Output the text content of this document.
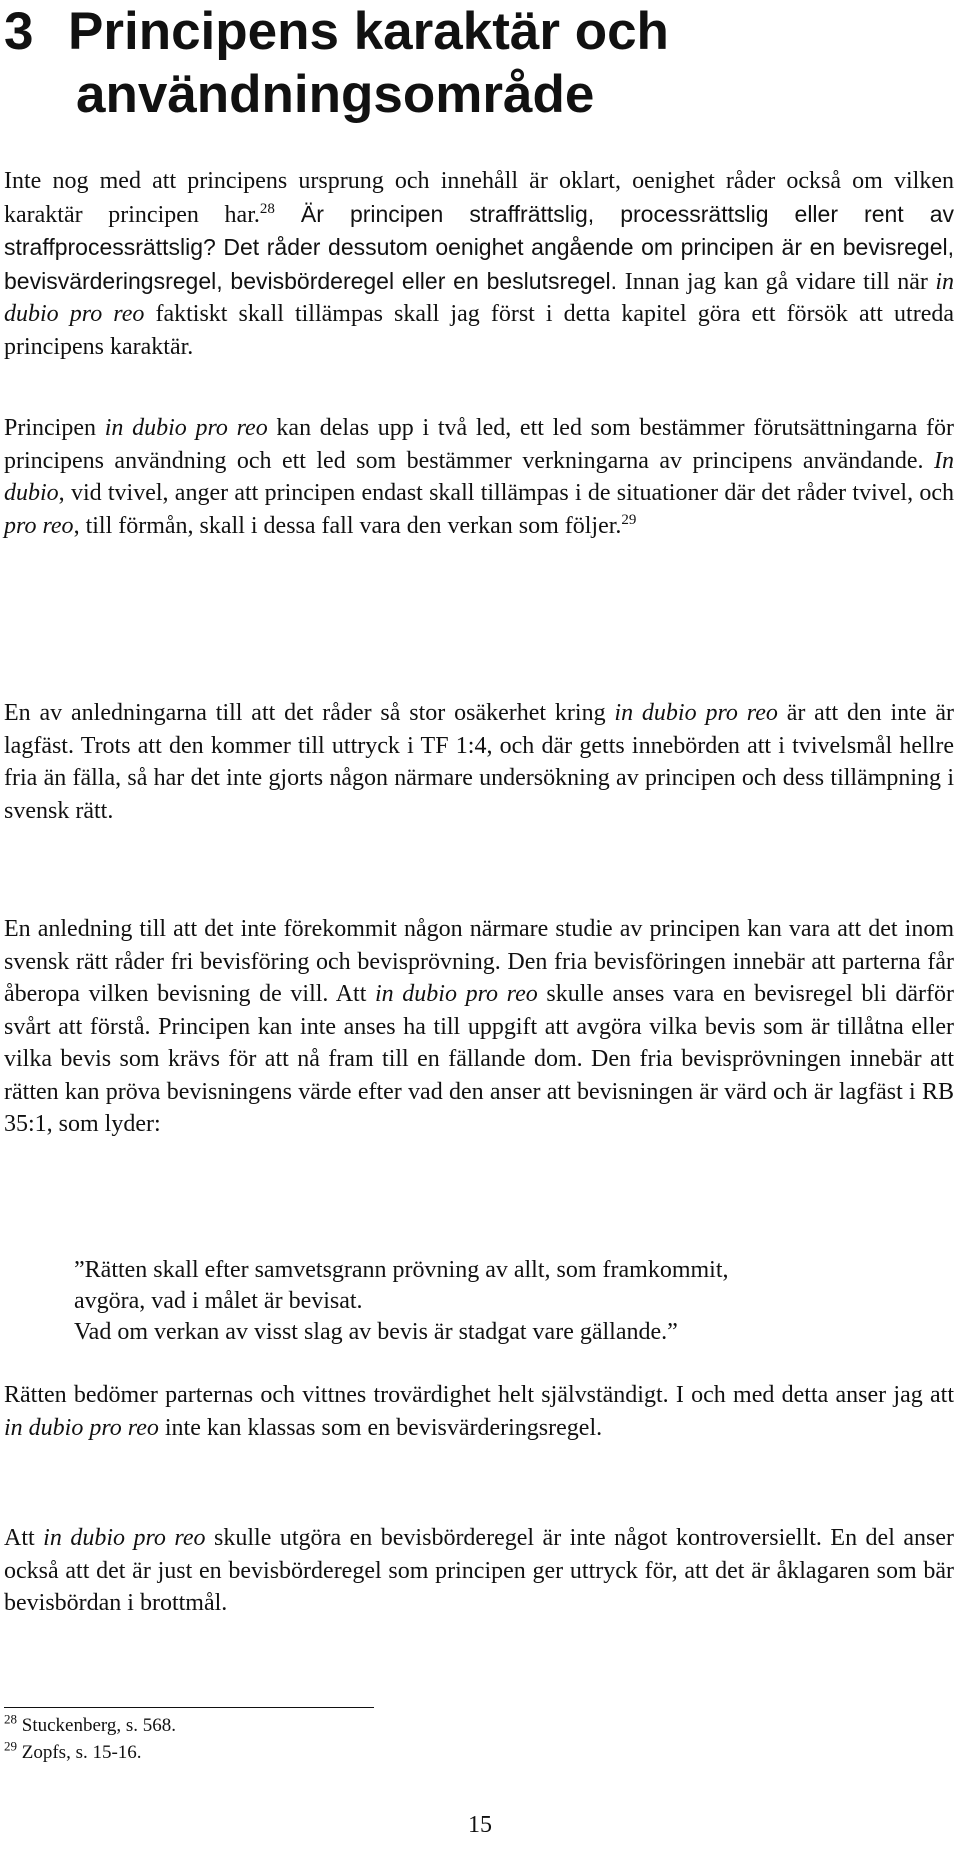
3 Principens karaktär och
användningsområde

Inte nog med att principens ursprung och innehåll är oklart, oenighet råder också om vilken karaktär principen har.$^{28}$ Är principen straffrättslig, processrättslig eller rent av straffprocessrättslig? Det råder dessutom oenighet angående om principen är en bevisregel, bevisvärderingsregel, bevisbörderegel eller en beslutsregel. Innan jag kan gå vidare till när in dubio pro reo faktiskt skall tillämpas skall jag först i detta kapitel göra ett försök att utreda principens karaktär.

Principen in dubio pro reo kan delas upp i två led, ett led som bestämmer förutsättningarna för principens användning och ett led som bestämmer verkningarna av principens användande. In dubio, vid tvivel, anger att principen endast skall tillämpas i de situationer där det råder tvivel, och pro reo, till förmån, skall i dessa fall vara den verkan som följer.$^{29}$

En av anledningarna till att det råder så stor osäkerhet kring in dubio pro reo är att den inte är lagfäst. Trots att den kommer till uttryck i TF 1:4, och där getts innebörden att i tvivelsmål hellre fria än fälla, så har det inte gjorts någon närmare undersökning av principen och dess tillämpning i svensk rätt.

En anledning till att det inte förekommit någon närmare studie av principen kan vara att det inom svensk rätt råder fri bevisföring och bevisprövning. Den fria bevisföringen innebär att parterna får åberopa vilken bevisning de vill. Att in dubio pro reo skulle anses vara en bevisregel bli därför svårt att förstå. Principen kan inte anses ha till uppgift att avgöra vilka bevis som är tillåtna eller vilka bevis som krävs för att nå fram till en fällande dom. Den fria bevisprövningen innebär att rätten kan pröva bevisningens värde efter vad den anser att bevisningen är värd och är lagfäst i RB 35:1, som lyder:

”Rätten skall efter samvetsgrann prövning av allt, som framkommit,
avgöra, vad i målet är bevisat.
Vad om verkan av visst slag av bevis är stadgat vare gällande.”

Rätten bedömer parternas och vittnes trovärdighet helt självständigt. I och med detta anser jag att in dubio pro reo inte kan klassas som en bevisvärderingsregel.

Att in dubio pro reo skulle utgöra en bevisbörderegel är inte något kontroversiellt. En del anser också att det är just en bevisbörderegel som principen ger uttryck för, att det är åklagaren som bär bevisbördan i brottmål.

$^{28}$ Stuckenberg, s. 568.
$^{29}$ Zopfs, s. 15-16.
15
